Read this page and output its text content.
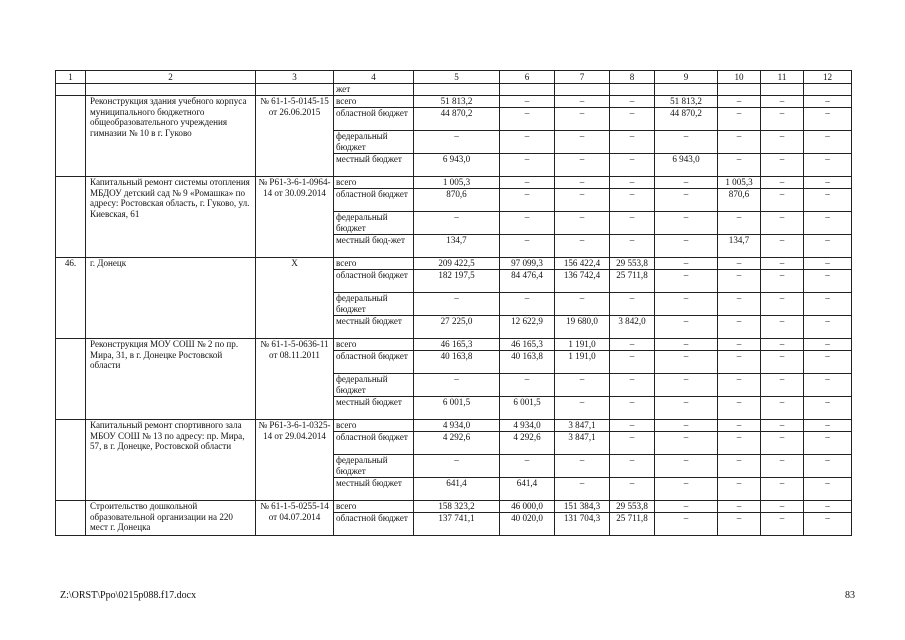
1	2	3	4	5	6	7	8	9	10	11	12
			жет								
	Реконструкция здания учебного корпуса муниципального бюджетного общеобразовательного учреждения гимназии № 10 в г. Гуково	№ 61-1-5-0145-15 от 26.06.2015	всего	51 813,2	–	–	–	51 813,2	–	–	–
			областной бюджет	44 870,2	–	–	–	44 870,2	–	–	–
			федеральный бюджет	–	–	–	–	–	–	–	–
			местный бюджет	6 943,0	–	–	–	6 943,0	–	–	–
	Капитальный ремонт системы отопления МБДОУ детский сад № 9 «Ромашка» по адресу: Ростовская область, г. Гуково, ул. Киевская, 61	№ Р61-3-6-1-0964-14 от 30.09.2014	всего	1 005,3	–	–	–	–	1 005,3	–	–
			областной бюджет	870,6	–	–	–	–	870,6	–	–
			федеральный бюджет	–	–	–	–	–	–	–	–
			местный бюд-жет	134,7	–	–	–	–	134,7	–	–
46.	г. Донецк	Х	всего	209 422,5	97 099,3	156 422,4	29 553,8	–	–	–	–
			областной бюджет	182 197,5	84 476,4	136 742,4	25 711,8	–	–	–	–
			федеральный бюджет	–	–	–	–	–	–	–	–
			местный бюджет	27 225,0	12 622,9	19 680,0	3 842,0	–	–	–	–
	Реконструкция МОУ СОШ № 2 по пр. Мира, 31, в г. Донецке Ростовской области	№ 61-1-5-0636-11 от 08.11.2011	всего	46 165,3	46 165,3	1 191,0	–	–	–	–	–
			областной бюджет	40 163,8	40 163,8	1 191,0	–	–	–	–	–
			федеральный бюджет	–	–	–	–	–	–	–	–
			местный бюджет	6 001,5	6 001,5	–	–	–	–	–	–
	Капитальный ремонт спортивного зала МБОУ СОШ № 13 по адресу: пр. Мира, 57, в г. Донецке, Ростовской области	№ Р61-3-6-1-0325-14 от 29.04.2014	всего	4 934,0	4 934,0	3 847,1	–	–	–	–	–
			областной бюджет	4 292,6	4 292,6	3 847,1	–	–	–	–	–
			федеральный бюджет	–	–	–	–	–	–	–	–
			местный бюджет	641,4	641,4	–	–	–	–	–	–
	Строительство дошкольной образовательной организации на 220 мест г. Донецка	№ 61-1-5-0255-14 от 04.07.2014	всего	158 323,2	46 000,0	151 384,3	29 553,8	–	–	–	–
			областной бюджет	137 741,1	40 020,0	131 704,3	25 711,8	–	–	–	–
Z:\ORST\Ppo\0215p088.f17.docx	83
